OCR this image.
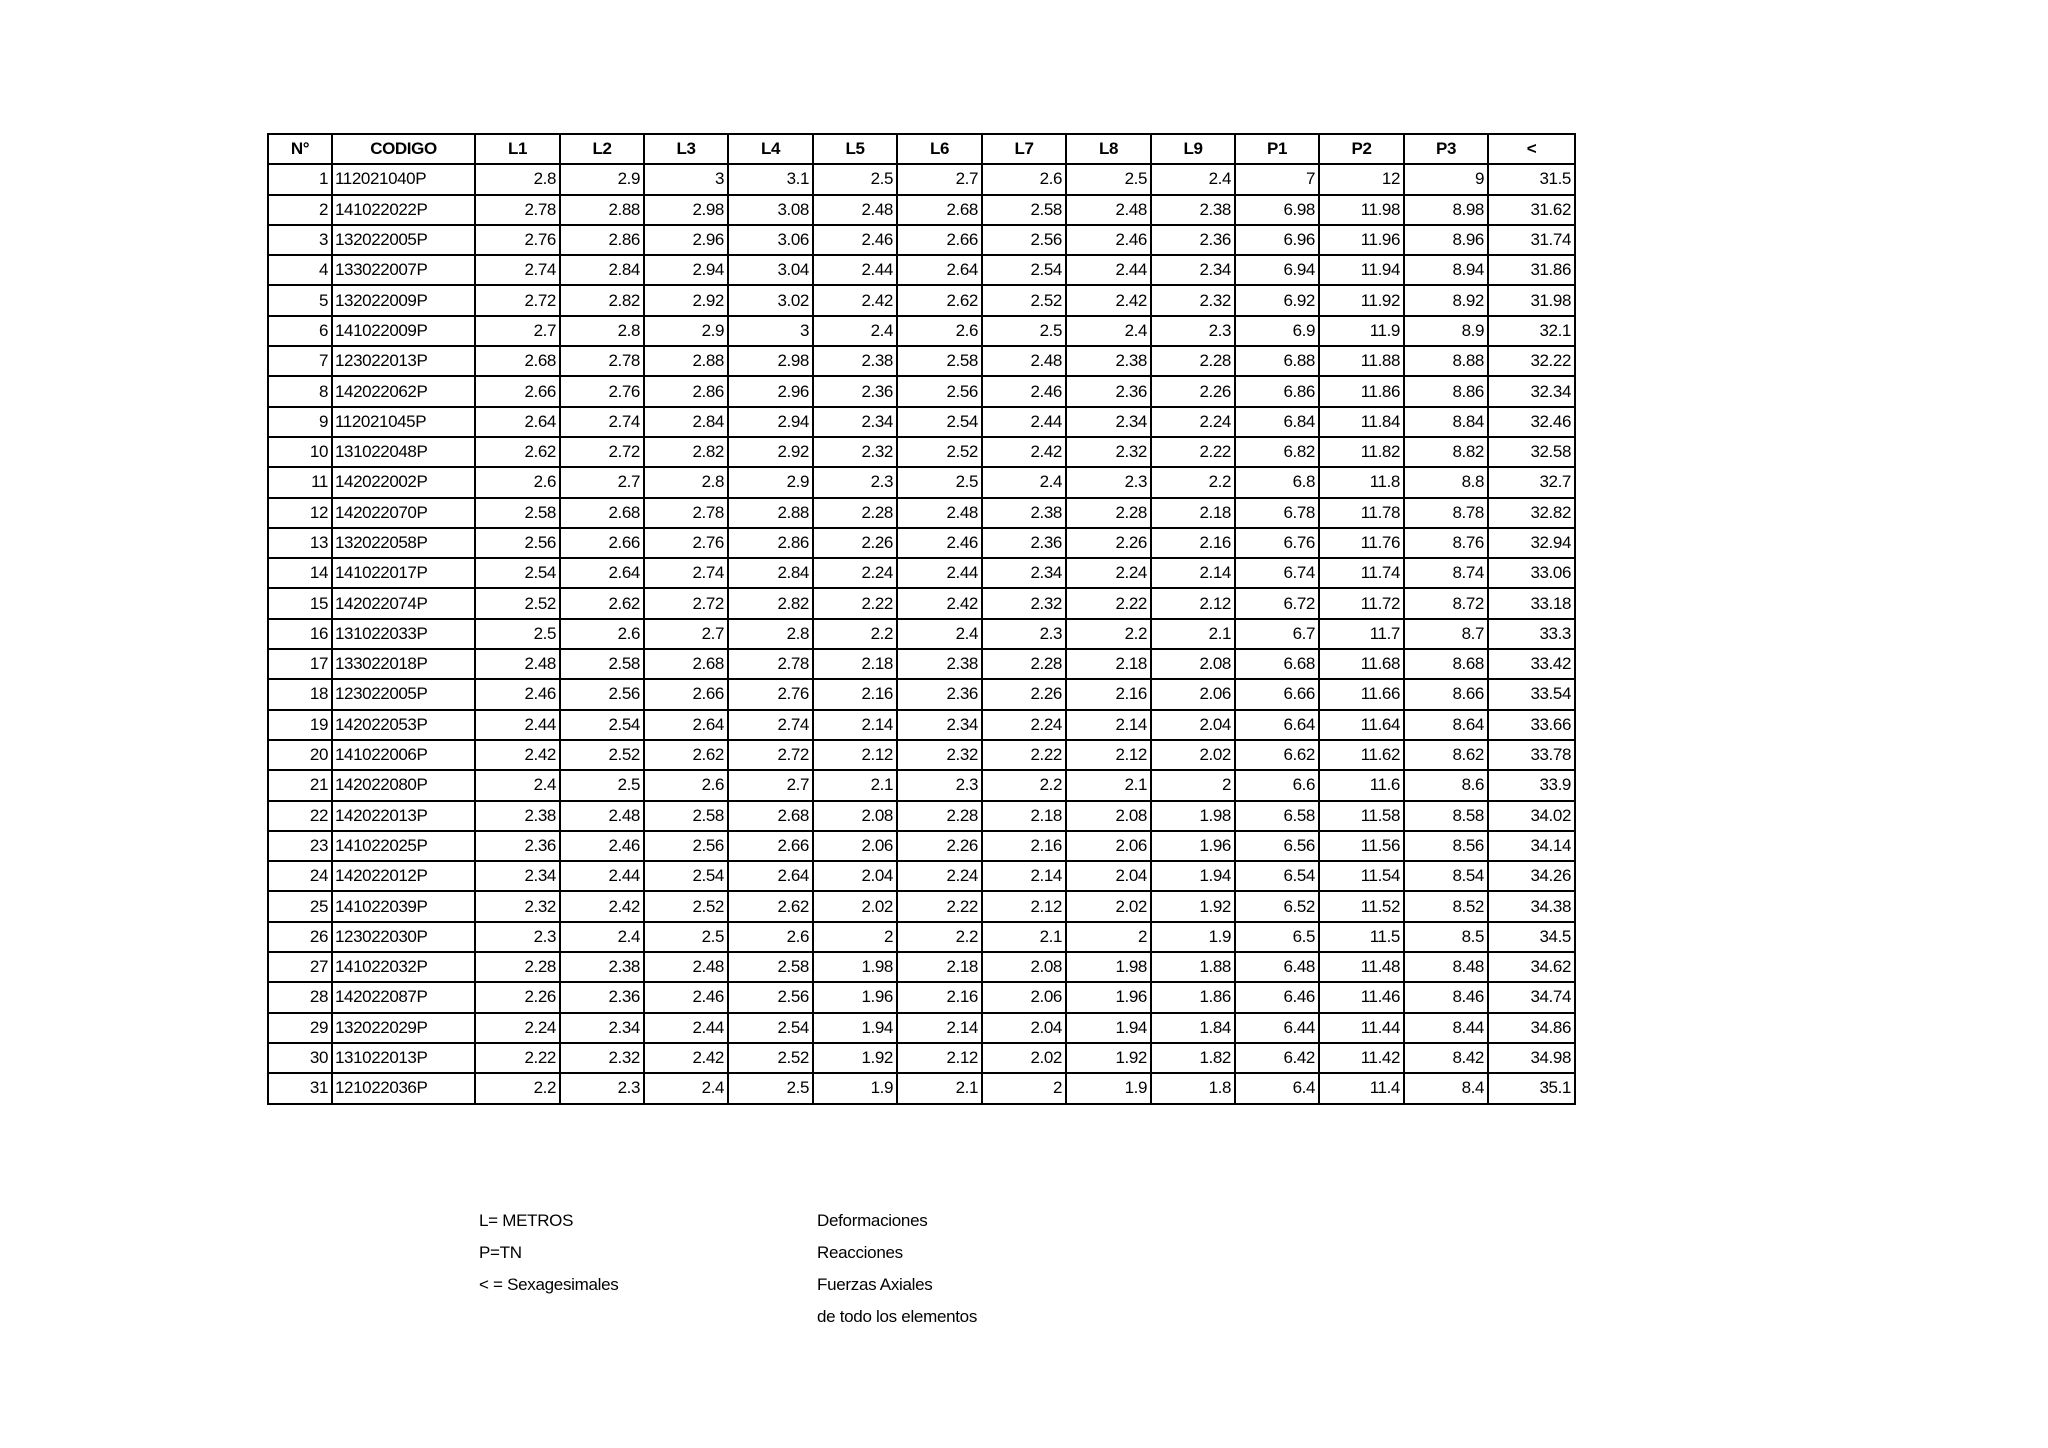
N°	CODIGO	L1	L2	L3	L4	L5	L6	L7	L8	L9	P1	P2	P3	<
1	112021040P	2.8	2.9	3	3.1	2.5	2.7	2.6	2.5	2.4	7	12	9	31.5
2	141022022P	2.78	2.88	2.98	3.08	2.48	2.68	2.58	2.48	2.38	6.98	11.98	8.98	31.62
3	132022005P	2.76	2.86	2.96	3.06	2.46	2.66	2.56	2.46	2.36	6.96	11.96	8.96	31.74
4	133022007P	2.74	2.84	2.94	3.04	2.44	2.64	2.54	2.44	2.34	6.94	11.94	8.94	31.86
5	132022009P	2.72	2.82	2.92	3.02	2.42	2.62	2.52	2.42	2.32	6.92	11.92	8.92	31.98
6	141022009P	2.7	2.8	2.9	3	2.4	2.6	2.5	2.4	2.3	6.9	11.9	8.9	32.1
7	123022013P	2.68	2.78	2.88	2.98	2.38	2.58	2.48	2.38	2.28	6.88	11.88	8.88	32.22
8	142022062P	2.66	2.76	2.86	2.96	2.36	2.56	2.46	2.36	2.26	6.86	11.86	8.86	32.34
9	112021045P	2.64	2.74	2.84	2.94	2.34	2.54	2.44	2.34	2.24	6.84	11.84	8.84	32.46
10	131022048P	2.62	2.72	2.82	2.92	2.32	2.52	2.42	2.32	2.22	6.82	11.82	8.82	32.58
11	142022002P	2.6	2.7	2.8	2.9	2.3	2.5	2.4	2.3	2.2	6.8	11.8	8.8	32.7
12	142022070P	2.58	2.68	2.78	2.88	2.28	2.48	2.38	2.28	2.18	6.78	11.78	8.78	32.82
13	132022058P	2.56	2.66	2.76	2.86	2.26	2.46	2.36	2.26	2.16	6.76	11.76	8.76	32.94
14	141022017P	2.54	2.64	2.74	2.84	2.24	2.44	2.34	2.24	2.14	6.74	11.74	8.74	33.06
15	142022074P	2.52	2.62	2.72	2.82	2.22	2.42	2.32	2.22	2.12	6.72	11.72	8.72	33.18
16	131022033P	2.5	2.6	2.7	2.8	2.2	2.4	2.3	2.2	2.1	6.7	11.7	8.7	33.3
17	133022018P	2.48	2.58	2.68	2.78	2.18	2.38	2.28	2.18	2.08	6.68	11.68	8.68	33.42
18	123022005P	2.46	2.56	2.66	2.76	2.16	2.36	2.26	2.16	2.06	6.66	11.66	8.66	33.54
19	142022053P	2.44	2.54	2.64	2.74	2.14	2.34	2.24	2.14	2.04	6.64	11.64	8.64	33.66
20	141022006P	2.42	2.52	2.62	2.72	2.12	2.32	2.22	2.12	2.02	6.62	11.62	8.62	33.78
21	142022080P	2.4	2.5	2.6	2.7	2.1	2.3	2.2	2.1	2	6.6	11.6	8.6	33.9
22	142022013P	2.38	2.48	2.58	2.68	2.08	2.28	2.18	2.08	1.98	6.58	11.58	8.58	34.02
23	141022025P	2.36	2.46	2.56	2.66	2.06	2.26	2.16	2.06	1.96	6.56	11.56	8.56	34.14
24	142022012P	2.34	2.44	2.54	2.64	2.04	2.24	2.14	2.04	1.94	6.54	11.54	8.54	34.26
25	141022039P	2.32	2.42	2.52	2.62	2.02	2.22	2.12	2.02	1.92	6.52	11.52	8.52	34.38
26	123022030P	2.3	2.4	2.5	2.6	2	2.2	2.1	2	1.9	6.5	11.5	8.5	34.5
27	141022032P	2.28	2.38	2.48	2.58	1.98	2.18	2.08	1.98	1.88	6.48	11.48	8.48	34.62
28	142022087P	2.26	2.36	2.46	2.56	1.96	2.16	2.06	1.96	1.86	6.46	11.46	8.46	34.74
29	132022029P	2.24	2.34	2.44	2.54	1.94	2.14	2.04	1.94	1.84	6.44	11.44	8.44	34.86
30	131022013P	2.22	2.32	2.42	2.52	1.92	2.12	2.02	1.92	1.82	6.42	11.42	8.42	34.98
31	121022036P	2.2	2.3	2.4	2.5	1.9	2.1	2	1.9	1.8	6.4	11.4	8.4	35.1
L= METROS
P=TN
< = Sexagesimales
Deformaciones
Reacciones
Fuerzas Axiales
de todo los elementos
